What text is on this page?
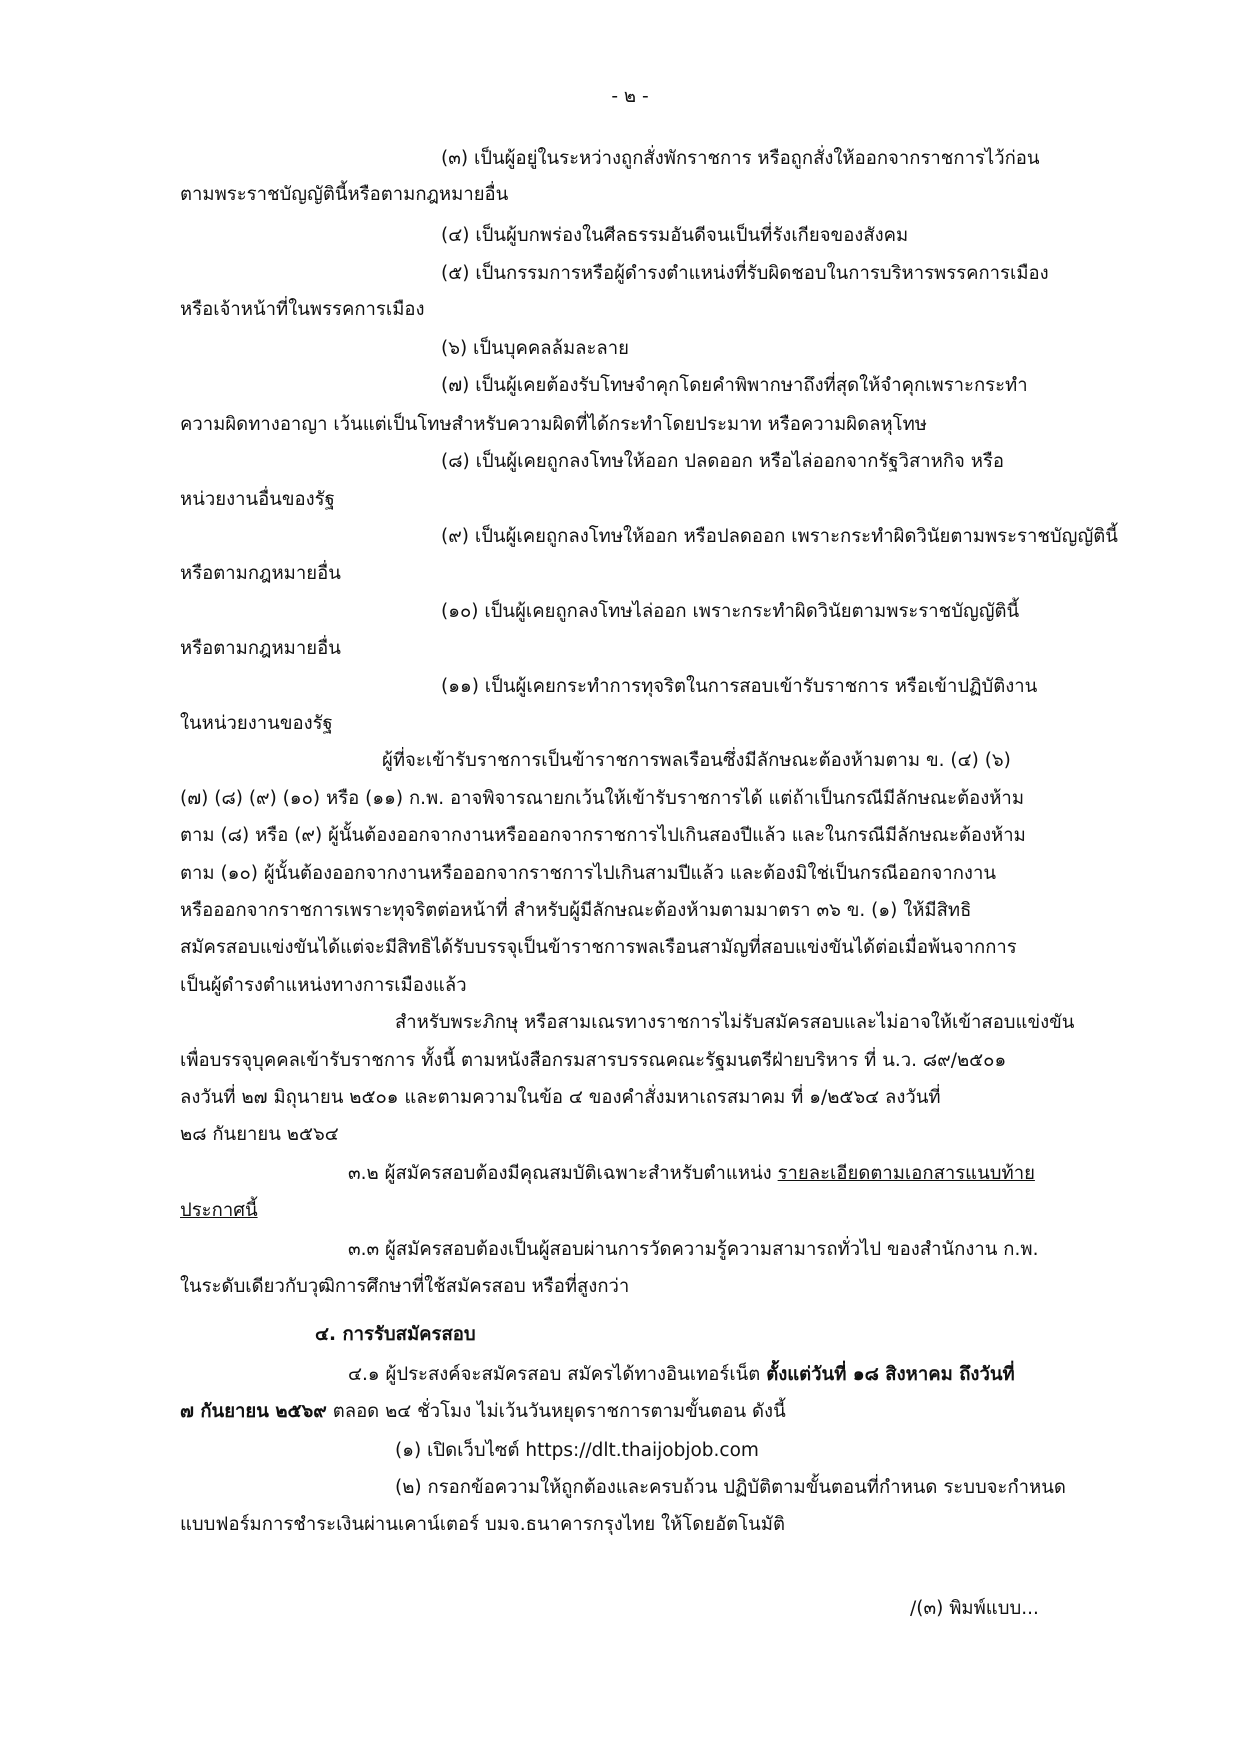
- ๒ -
(๓) เป็นผู้อยู่ในระหว่างถูกสั่งพักราชการ หรือถูกสั่งให้ออกจากราชการไว้ก่อน
ตามพระราชบัญญัตินี้หรือตามกฎหมายอื่น
(๔) เป็นผู้บกพร่องในศีลธรรมอันดีจนเป็นที่รังเกียจของสังคม
(๕) เป็นกรรมการหรือผู้ดำรงตำแหน่งที่รับผิดชอบในการบริหารพรรคการเมือง
หรือเจ้าหน้าที่ในพรรคการเมือง
(๖) เป็นบุคคลล้มละลาย
(๗) เป็นผู้เคยต้องรับโทษจำคุกโดยคำพิพากษาถึงที่สุดให้จำคุกเพราะกระทำ
ความผิดทางอาญา เว้นแต่เป็นโทษสำหรับความผิดที่ได้กระทำโดยประมาท หรือความผิดลหุโทษ
(๘) เป็นผู้เคยถูกลงโทษให้ออก ปลดออก หรือไล่ออกจากรัฐวิสาหกิจ หรือ
หน่วยงานอื่นของรัฐ
(๙) เป็นผู้เคยถูกลงโทษให้ออก หรือปลดออก เพราะกระทำผิดวินัยตามพระราชบัญญัตินี้
หรือตามกฎหมายอื่น
(๑๐) เป็นผู้เคยถูกลงโทษไล่ออก เพราะกระทำผิดวินัยตามพระราชบัญญัตินี้
หรือตามกฎหมายอื่น
(๑๑) เป็นผู้เคยกระทำการทุจริตในการสอบเข้ารับราชการ หรือเข้าปฏิบัติงาน
ในหน่วยงานของรัฐ
ผู้ที่จะเข้ารับราชการเป็นข้าราชการพลเรือนซึ่งมีลักษณะต้องห้ามตาม ข. (๔) (๖)
(๗) (๘) (๙) (๑๐) หรือ (๑๑) ก.พ. อาจพิจารณายกเว้นให้เข้ารับราชการได้ แต่ถ้าเป็นกรณีมีลักษณะต้องห้าม
ตาม (๘) หรือ (๙) ผู้นั้นต้องออกจากงานหรือออกจากราชการไปเกินสองปีแล้ว และในกรณีมีลักษณะต้องห้าม
ตาม (๑๐) ผู้นั้นต้องออกจากงานหรือออกจากราชการไปเกินสามปีแล้ว และต้องมิใช่เป็นกรณีออกจากงาน
หรือออกจากราชการเพราะทุจริตต่อหน้าที่ สำหรับผู้มีลักษณะต้องห้ามตามมาตรา ๓๖ ข. (๑) ให้มีสิทธิ
สมัครสอบแข่งขันได้แต่จะมีสิทธิได้รับบรรจุเป็นข้าราชการพลเรือนสามัญที่สอบแข่งขันได้ต่อเมื่อพ้นจากการ
เป็นผู้ดำรงตำแหน่งทางการเมืองแล้ว
สำหรับพระภิกษุ หรือสามเณรทางราชการไม่รับสมัครสอบและไม่อาจให้เข้าสอบแข่งขัน
เพื่อบรรจุบุคคลเข้ารับราชการ ทั้งนี้ ตามหนังสือกรมสารบรรณคณะรัฐมนตรีฝ่ายบริหาร ที่ น.ว. ๘๙/๒๕๐๑
ลงวันที่ ๒๗ มิถุนายน ๒๕๐๑ และตามความในข้อ ๔ ของคำสั่งมหาเถรสมาคม ที่ ๑/๒๕๖๔ ลงวันที่
๒๘ กันยายน ๒๕๖๔
๓.๒ ผู้สมัครสอบต้องมีคุณสมบัติเฉพาะสำหรับตำแหน่ง รายละเอียดตามเอกสารแนบท้าย
ประกาศนี้
๓.๓ ผู้สมัครสอบต้องเป็นผู้สอบผ่านการวัดความรู้ความสามารถทั่วไป ของสำนักงาน ก.พ.
ในระดับเดียวกับวุฒิการศึกษาที่ใช้สมัครสอบ หรือที่สูงกว่า
๔. การรับสมัครสอบ
๔.๑ ผู้ประสงค์จะสมัครสอบ สมัครได้ทางอินเทอร์เน็ต ตั้งแต่วันที่ ๑๘ สิงหาคม ถึงวันที่
๗ กันยายน ๒๕๖๙ ตลอด ๒๔ ชั่วโมง ไม่เว้นวันหยุดราชการตามขั้นตอน ดังนี้
(๑) เปิดเว็บไซต์ https://dlt.thaijobjob.com
(๒) กรอกข้อความให้ถูกต้องและครบถ้วน ปฏิบัติตามขั้นตอนที่กำหนด ระบบจะกำหนด
แบบฟอร์มการชำระเงินผ่านเคาน์เตอร์ บมจ.ธนาคารกรุงไทย ให้โดยอัตโนมัติ
/(๓) พิมพ์แบบ...
